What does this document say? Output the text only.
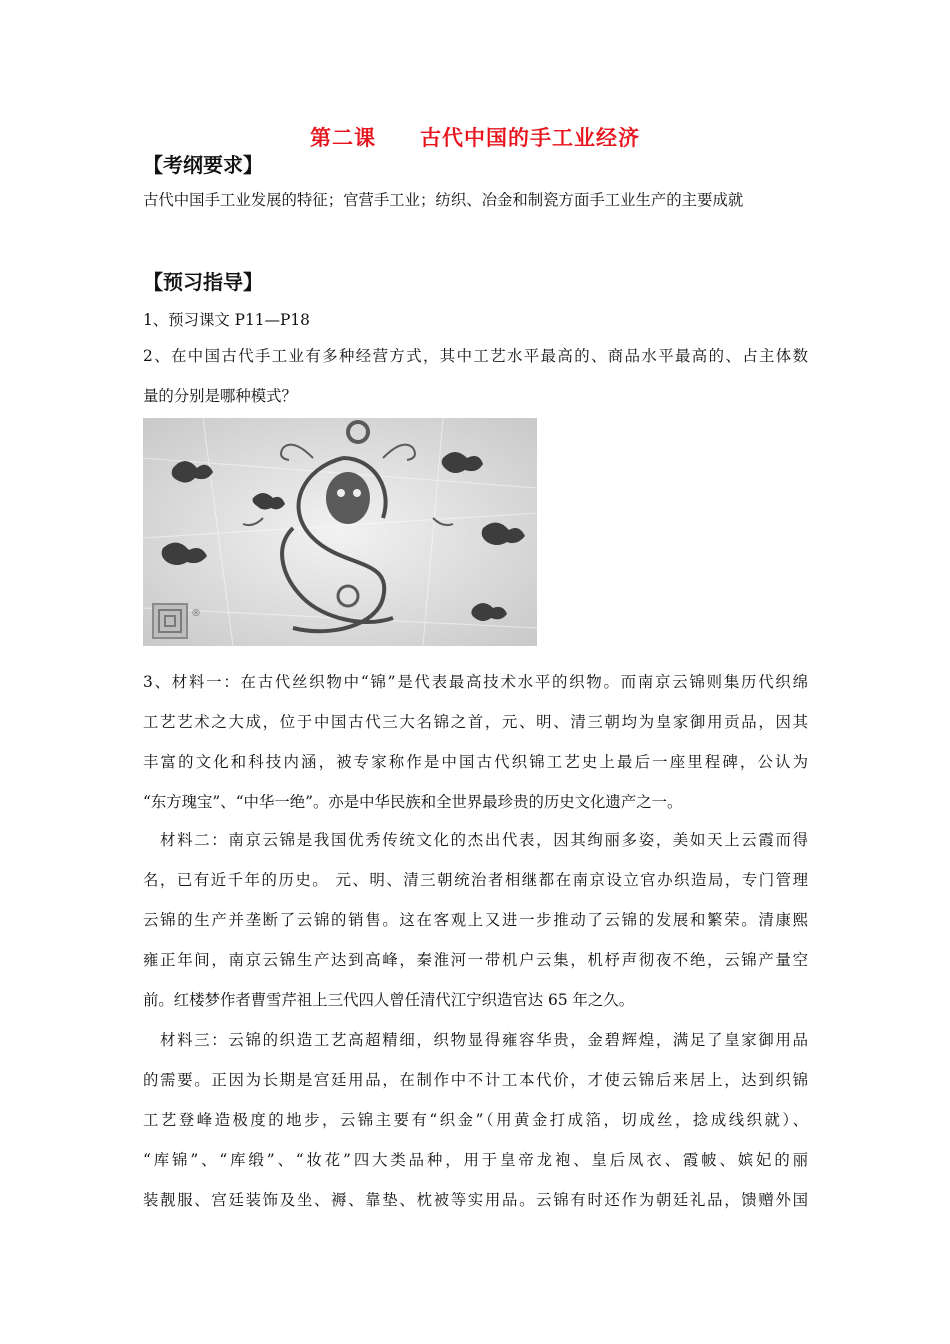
第二课　　古代中国的手工业经济
【考纲要求】
古代中国手工业发展的特征；官营手工业；纺织、冶金和制瓷方面手工业生产的主要成就
【预习指导】
1、预习课文 P11—P18
2、在中国古代手工业有多种经营方式，其中工艺水平最高的、商品水平最高的、占主体数
量的分别是哪种模式？
®
3、材料一：在古代丝织物中“锦”是代表最高技术水平的织物。而南京云锦则集历代织绵
工艺艺术之大成，位于中国古代三大名锦之首，元、明、清三朝均为皇家御用贡品，因其
丰富的文化和科技内涵，被专家称作是中国古代织锦工艺史上最后一座里程碑，公认为
“东方瑰宝”、“中华一绝”。亦是中华民族和全世界最珍贵的历史文化遗产之一。
材料二：南京云锦是我国优秀传统文化的杰出代表，因其绚丽多姿，美如天上云霞而得
名，已有近千年的历史。 元、明、清三朝统治者相继都在南京设立官办织造局，专门管理
云锦的生产并垄断了云锦的销售。这在客观上又进一步推动了云锦的发展和繁荣。清康熙
雍正年间，南京云锦生产达到高峰，秦淮河一带机户云集，机杼声彻夜不绝，云锦产量空
前。红楼梦作者曹雪芹祖上三代四人曾任清代江宁织造官达 65 年之久。
材料三：云锦的织造工艺高超精细，织物显得雍容华贵，金碧辉煌，满足了皇家御用品
的需要。正因为长期是宫廷用品，在制作中不计工本代价，才使云锦后来居上，达到织锦
工艺登峰造极度的地步，云锦主要有“织金”（用黄金打成箔，切成丝，捻成线织就）、
“库锦”、“库缎”、“妆花”四大类品种，用于皇帝龙袍、皇后凤衣、霞帔、嫔妃的丽
装靓服、宫廷装饰及坐、褥、靠垫、枕被等实用品。云锦有时还作为朝廷礼品，馈赠外国
